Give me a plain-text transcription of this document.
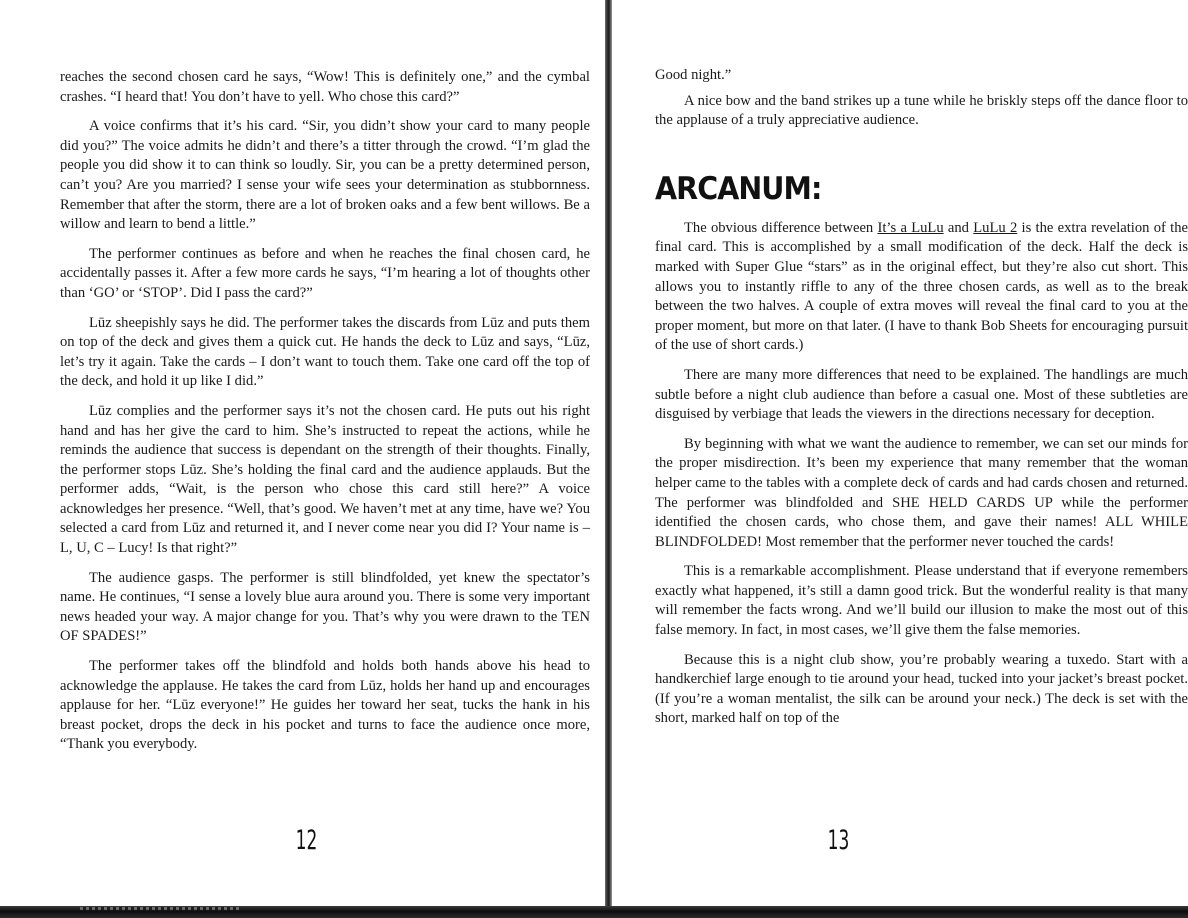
reaches the second chosen card he says, “Wow! This is definitely one,” and the cymbal crashes. “I heard that! You don’t have to yell. Who chose this card?”

A voice confirms that it’s his card. “Sir, you didn’t show your card to many people did you?” The voice admits he didn’t and there’s a titter through the crowd. “I’m glad the people you did show it to can think so loudly. Sir, you can be a pretty determined person, can’t you? Are you married? I sense your wife sees your determination as stubbornness. Remember that after the storm, there are a lot of broken oaks and a few bent willows. Be a willow and learn to bend a little.”

The performer continues as before and when he reaches the final chosen card, he accidentally passes it. After a few more cards he says, “I’m hearing a lot of thoughts other than ‘GO’ or ‘STOP’. Did I pass the card?”

Lūz sheepishly says he did. The performer takes the discards from Lūz and puts them on top of the deck and gives them a quick cut. He hands the deck to Lūz and says, “Lūz, let’s try it again. Take the cards – I don’t want to touch them. Take one card off the top of the deck, and hold it up like I did.”

Lūz complies and the performer says it’s not the chosen card. He puts out his right hand and has her give the card to him. She’s instructed to repeat the actions, while he reminds the audience that success is dependant on the strength of their thoughts. Finally, the performer stops Lūz. She’s holding the final card and the audience applauds. But the performer adds, “Wait, is the person who chose this card still here?” A voice acknowledges her presence. “Well, that’s good. We haven’t met at any time, have we? You selected a card from Lūz and returned it, and I never come near you did I? Your name is – L, U, C – Lucy! Is that right?”

The audience gasps. The performer is still blindfolded, yet knew the spectator’s name. He continues, “I sense a lovely blue aura around you. There is some very important news headed your way. A major change for you. That’s why you were drawn to the TEN OF SPADES!”

The performer takes off the blindfold and holds both hands above his head to acknowledge the applause. He takes the card from Lūz, holds her hand up and encourages applause for her. “Lūz everyone!” He guides her toward her seat, tucks the hank in his breast pocket, drops the deck in his pocket and turns to face the audience once more, “Thank you everybody.

12

Good night.”

A nice bow and the band strikes up a tune while he briskly steps off the dance floor to the applause of a truly appreciative audience.

ARCANUM:

The obvious difference between It’s a LuLu and LuLu 2 is the extra revelation of the final card. This is accomplished by a small modification of the deck. Half the deck is marked with Super Glue “stars” as in the original effect, but they’re also cut short. This allows you to instantly riffle to any of the three chosen cards, as well as to the break between the two halves. A couple of extra moves will reveal the final card to you at the proper moment, but more on that later. (I have to thank Bob Sheets for encouraging pursuit of the use of short cards.)

There are many more differences that need to be explained. The handlings are much subtle before a night club audience than before a casual one. Most of these subtleties are disguised by verbiage that leads the viewers in the directions necessary for deception.

By beginning with what we want the audience to remember, we can set our minds for the proper misdirection. It’s been my experience that many remember that the woman helper came to the tables with a complete deck of cards and had cards chosen and returned. The performer was blindfolded and SHE HELD CARDS UP while the performer identified the chosen cards, who chose them, and gave their names! ALL WHILE BLINDFOLDED! Most remember that the performer never touched the cards!

This is a remarkable accomplishment. Please understand that if everyone remembers exactly what happened, it’s still a damn good trick. But the wonderful reality is that many will remember the facts wrong. And we’ll build our illusion to make the most out of this false memory. In fact, in most cases, we’ll give them the false memories.

Because this is a night club show, you’re probably wearing a tuxedo. Start with a handkerchief large enough to tie around your head, tucked into your jacket’s breast pocket. (If you’re a woman mentalist, the silk can be around your neck.) The deck is set with the short, marked half on top of the

13
